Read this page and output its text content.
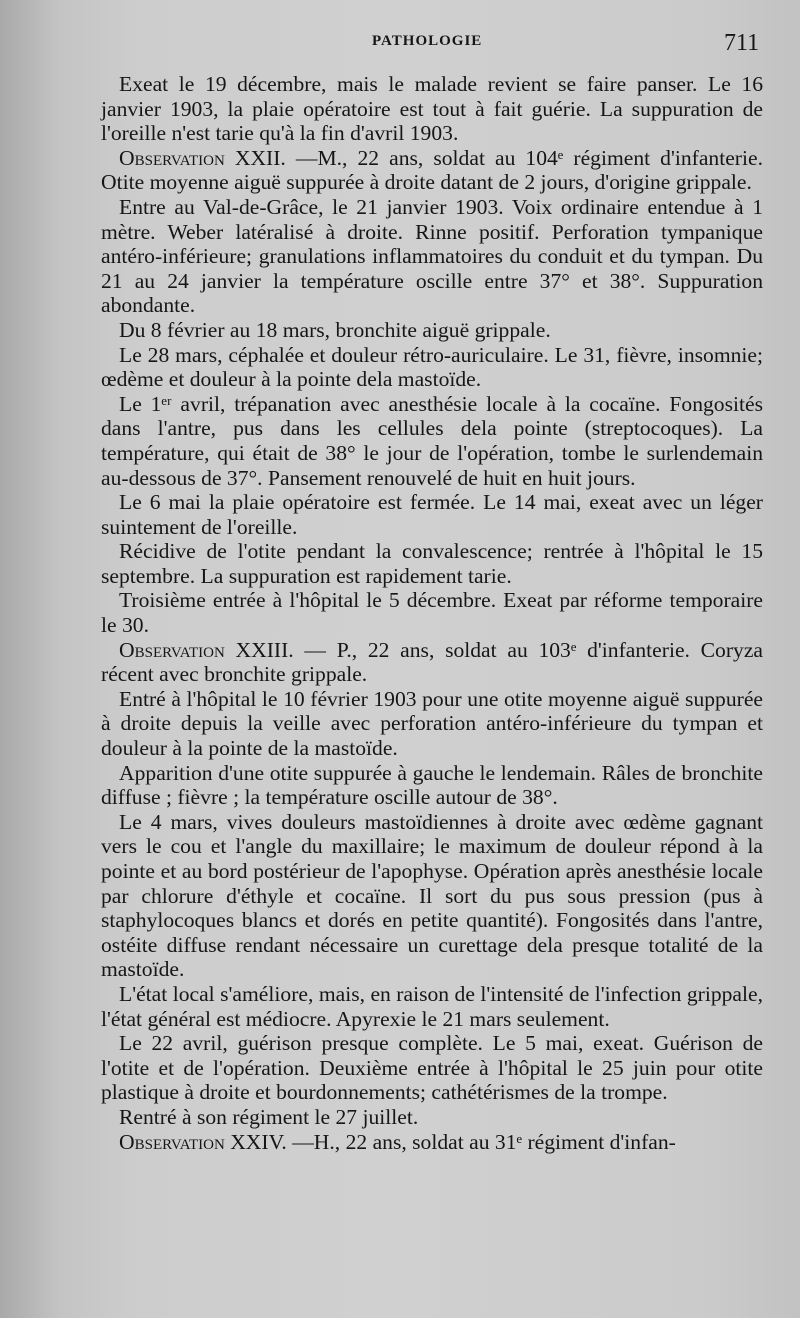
PATHOLOGIE	711

Exeat le 19 décembre, mais le malade revient se faire panser. Le 16 janvier 1903, la plaie opératoire est tout à fait guérie. La suppuration de l'oreille n'est tarie qu'à la fin d'avril 1903.

Observation XXII. —M., 22 ans, soldat au 104ᵉ régiment d'infanterie. Otite moyenne aiguë suppurée à droite datant de 2 jours, d'origine grippale.

Entre au Val-de-Grâce, le 21 janvier 1903. Voix ordinaire entendue à 1 mètre. Weber latéralisé à droite. Rinne positif. Perforation tympanique antéro-inférieure; granulations inflammatoires du conduit et du tympan. Du 21 au 24 janvier la température oscille entre 37° et 38°. Suppuration abondante.

Du 8 février au 18 mars, bronchite aiguë grippale.

Le 28 mars, céphalée et douleur rétro-auriculaire. Le 31, fièvre, insomnie; œdème et douleur à la pointe dela mastoïde.

Le 1ᵉʳ avril, trépanation avec anesthésie locale à la cocaïne. Fongosités dans l'antre, pus dans les cellules dela pointe (streptocoques). La température, qui était de 38° le jour de l'opération, tombe le surlendemain au-dessous de 37°. Pansement renouvelé de huit en huit jours.

Le 6 mai la plaie opératoire est fermée. Le 14 mai, exeat avec un léger suintement de l'oreille.

Récidive de l'otite pendant la convalescence; rentrée à l'hôpital le 15 septembre. La suppuration est rapidement tarie.

Troisième entrée à l'hôpital le 5 décembre. Exeat par réforme temporaire le 30.

Observation XXIII. — P., 22 ans, soldat au 103ᵉ d'infanterie. Coryza récent avec bronchite grippale.

Entré à l'hôpital le 10 février 1903 pour une otite moyenne aiguë suppurée à droite depuis la veille avec perforation antéro-inférieure du tympan et douleur à la pointe de la mastoïde.

Apparition d'une otite suppurée à gauche le lendemain. Râles de bronchite diffuse ; fièvre ; la température oscille autour de 38°.

Le 4 mars, vives douleurs mastoïdiennes à droite avec œdème gagnant vers le cou et l'angle du maxillaire; le maximum de douleur répond à la pointe et au bord postérieur de l'apophyse. Opération après anesthésie locale par chlorure d'éthyle et cocaïne. Il sort du pus sous pression (pus à staphylocoques blancs et dorés en petite quantité). Fongosités dans l'antre, ostéite diffuse rendant nécessaire un curettage dela presque totalité de la mastoïde.

L'état local s'améliore, mais, en raison de l'intensité de l'infection grippale, l'état général est médiocre. Apyrexie le 21 mars seulement.

Le 22 avril, guérison presque complète. Le 5 mai, exeat. Guérison de l'otite et de l'opération. Deuxième entrée à l'hôpital le 25 juin pour otite plastique à droite et bourdonnements; cathétérismes de la trompe.

Rentré à son régiment le 27 juillet.

Observation XXIV. —H., 22 ans, soldat au 31ᵉ régiment d'infan-
